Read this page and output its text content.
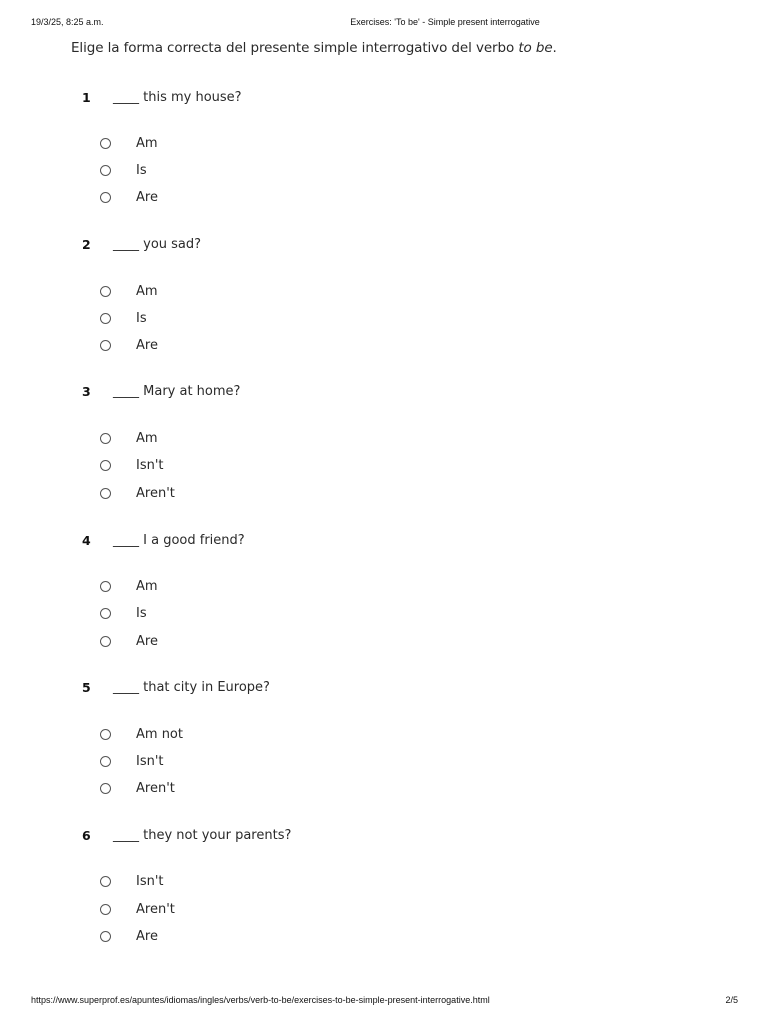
19/3/25, 8:25 a.m.	Exercises: 'To be' - Simple present interrogative
Elige la forma correcta del presente simple interrogativo del verbo to be.
1 ____ this my house?
Am
Is
Are
2 ____ you sad?
Am
Is
Are
3 ____ Mary at home?
Am
Isn't
Aren't
4 ____ I a good friend?
Am
Is
Are
5 ____ that city in Europe?
Am not
Isn't
Aren't
6 ____ they not your parents?
Isn't
Aren't
Are
https://www.superprof.es/apuntes/idiomas/ingles/verbs/verb-to-be/exercises-to-be-simple-present-interrogative.html	2/5
